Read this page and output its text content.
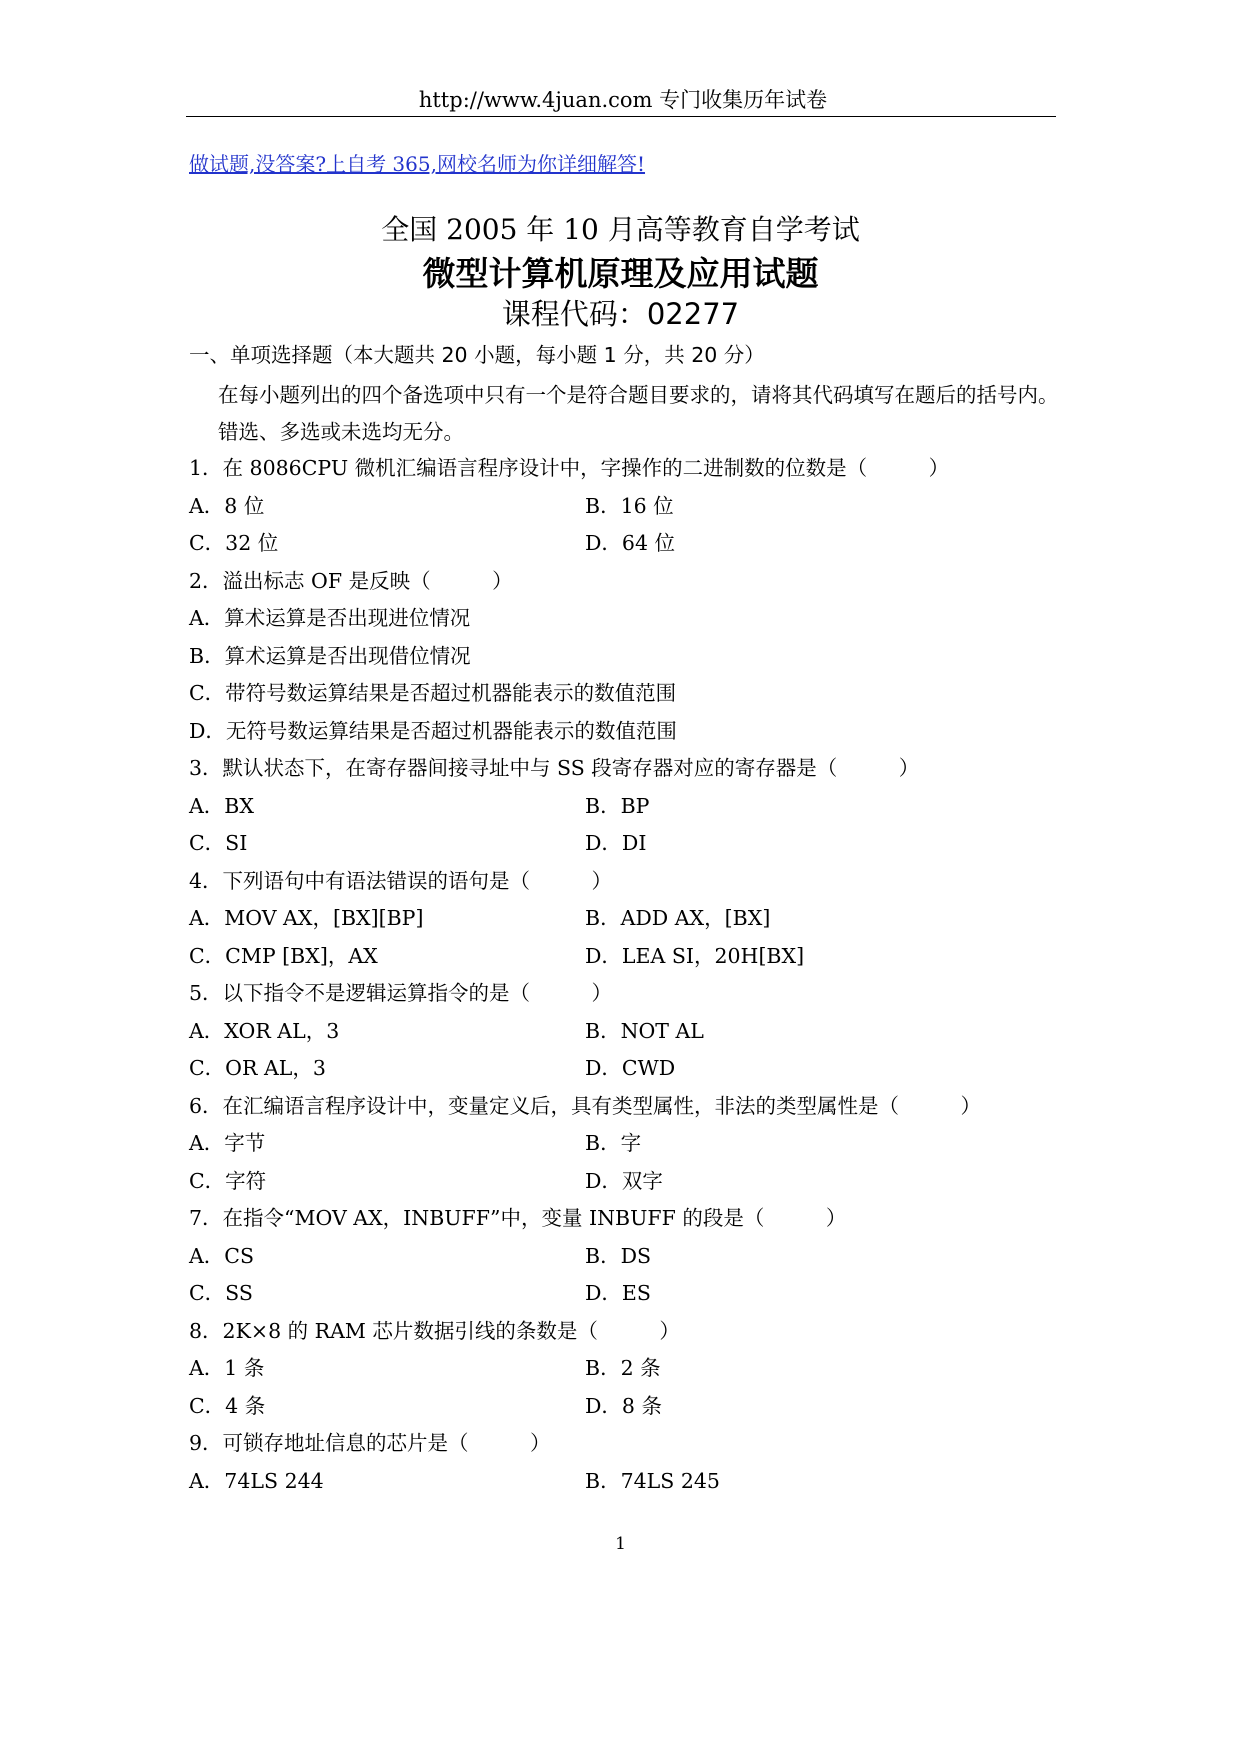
http://www.4juan.com 专门收集历年试卷
做试题,没答案?上自考 365,网校名师为你详细解答!
全国 2005 年 10 月高等教育自学考试
微型计算机原理及应用试题
课程代码：02277
一、单项选择题（本大题共 20 小题，每小题 1 分，共 20 分）
在每小题列出的四个备选项中只有一个是符合题目要求的，请将其代码填写在题后的括号内。错选、多选或未选均无分。
1．在 8086CPU 微机汇编语言程序设计中，字操作的二进制数的位数是（　　　）
A．8 位	B．16 位
C．32 位	D．64 位
2．溢出标志 OF 是反映（　　　）
A．算术运算是否出现进位情况
B．算术运算是否出现借位情况
C．带符号数运算结果是否超过机器能表示的数值范围
D．无符号数运算结果是否超过机器能表示的数值范围
3．默认状态下，在寄存器间接寻址中与 SS 段寄存器对应的寄存器是（　　　）
A．BX	B．BP
C．SI	D．DI
4．下列语句中有语法错误的语句是（　　　）
A．MOV AX，[BX][BP]	B．ADD AX，[BX]
C．CMP [BX]，AX	D．LEA SI，20H[BX]
5．以下指令不是逻辑运算指令的是（　　　）
A．XOR AL，3	B．NOT AL
C．OR AL，3	D．CWD
6．在汇编语言程序设计中，变量定义后，具有类型属性，非法的类型属性是（　　　）
A．字节	B．字
C．字符	D．双字
7．在指令“MOV AX，INBUFF”中，变量 INBUFF 的段是（　　　）
A．CS	B．DS
C．SS	D．ES
8．2K×8 的 RAM 芯片数据引线的条数是（　　　）
A．1 条	B．2 条
C．4 条	D．8 条
9．可锁存地址信息的芯片是（　　　）
A．74LS 244	B．74LS 245
1
